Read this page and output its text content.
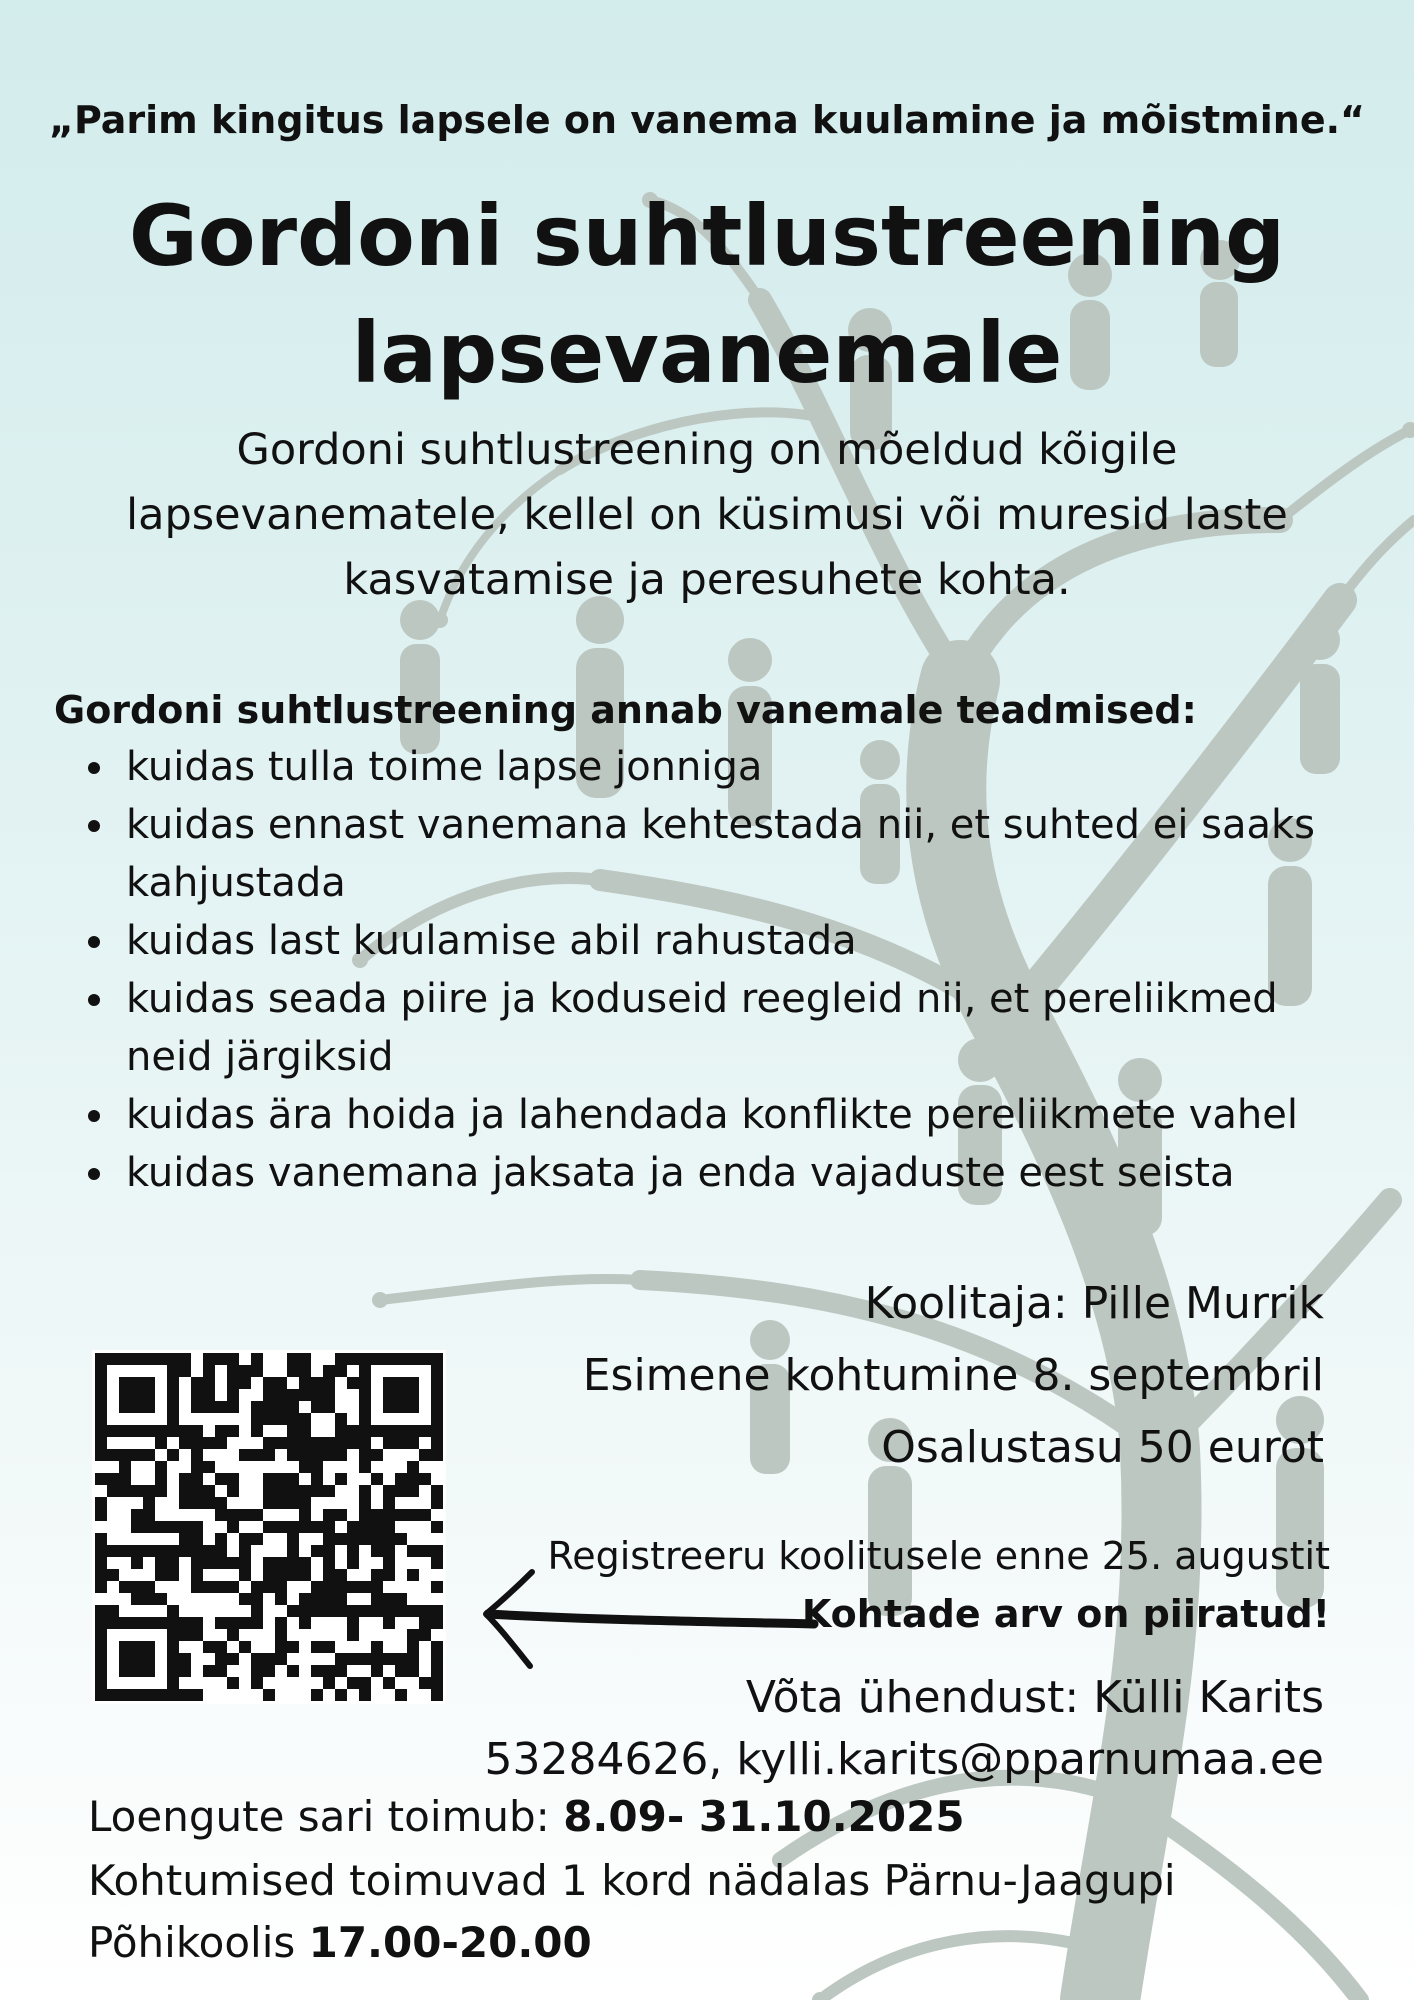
„Parim kingitus lapsele on vanema kuulamine ja mõistmine.“
Gordoni suhtlustreening
lapsevanemale
Gordoni suhtlustreening on mõeldud kõigile
lapsevanematele, kellel on küsimusi või muresid laste
kasvatamise ja peresuhete kohta.
Gordoni suhtlustreening annab vanemale teadmised:
kuidas tulla toime lapse jonniga
kuidas ennast vanemana kehtestada nii, et suhted ei saaks kahjustada
kuidas last kuulamise abil rahustada
kuidas seada piire ja koduseid reegleid nii, et pereliikmed neid järgiksid
kuidas ära hoida ja lahendada konflikte pereliikmete vahel
kuidas vanemana jaksata ja enda vajaduste eest seista
Koolitaja: Pille Murrik
Esimene kohtumine 8. septembril
Osalustasu 50 eurot
Registreeru koolitusele enne 25. augustit
Kohtade arv on piiratud!
Võta ühendust: Külli Karits
53284626, kylli.karits@pparnumaa.ee
Loengute sari toimub: 8.09- 31.10.2025
Kohtumised toimuvad 1 kord nädalas Pärnu-Jaagupi
Põhikoolis 17.00-20.00
